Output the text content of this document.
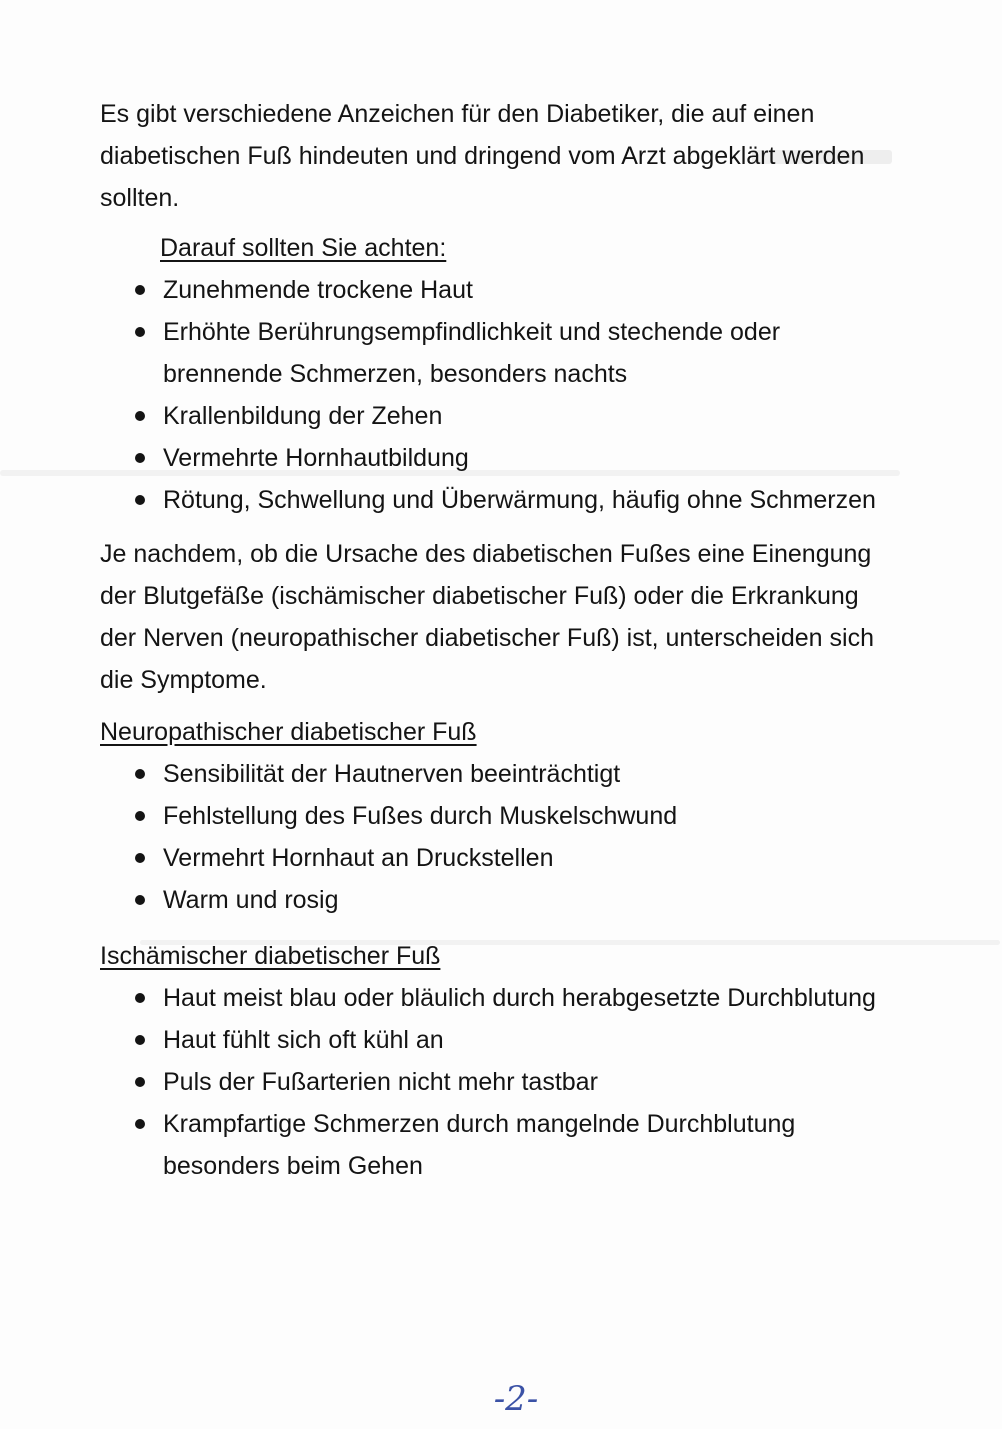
Es gibt verschiedene Anzeichen für den Diabetiker, die auf einen diabetischen Fuß hindeuten und dringend vom Arzt abgeklärt werden sollten.

Darauf sollten Sie achten:

Zunehmende trockene Haut
Erhöhte Berührungsempfindlichkeit und stechende oder brennende Schmerzen, besonders nachts
Krallenbildung der Zehen
Vermehrte Hornhautbildung
Rötung, Schwellung und Überwärmung, häufig ohne Schmerzen

Je nachdem, ob die Ursache des diabetischen Fußes eine Einengung der Blutgefäße (ischämischer diabetischer Fuß) oder die Erkrankung der Nerven (neuropathischer diabetischer Fuß) ist, unterscheiden sich die Symptome.

Neuropathischer diabetischer Fuß

Sensibilität der Hautnerven beeinträchtigt
Fehlstellung des Fußes durch Muskelschwund
Vermehrt Hornhaut an Druckstellen
Warm und rosig

Ischämischer diabetischer Fuß

Haut meist blau oder bläulich durch herabgesetzte Durchblutung
Haut fühlt sich oft kühl an
Puls der Fußarterien nicht mehr tastbar
Krampfartige Schmerzen durch mangelnde Durchblutung besonders beim Gehen
-2-
